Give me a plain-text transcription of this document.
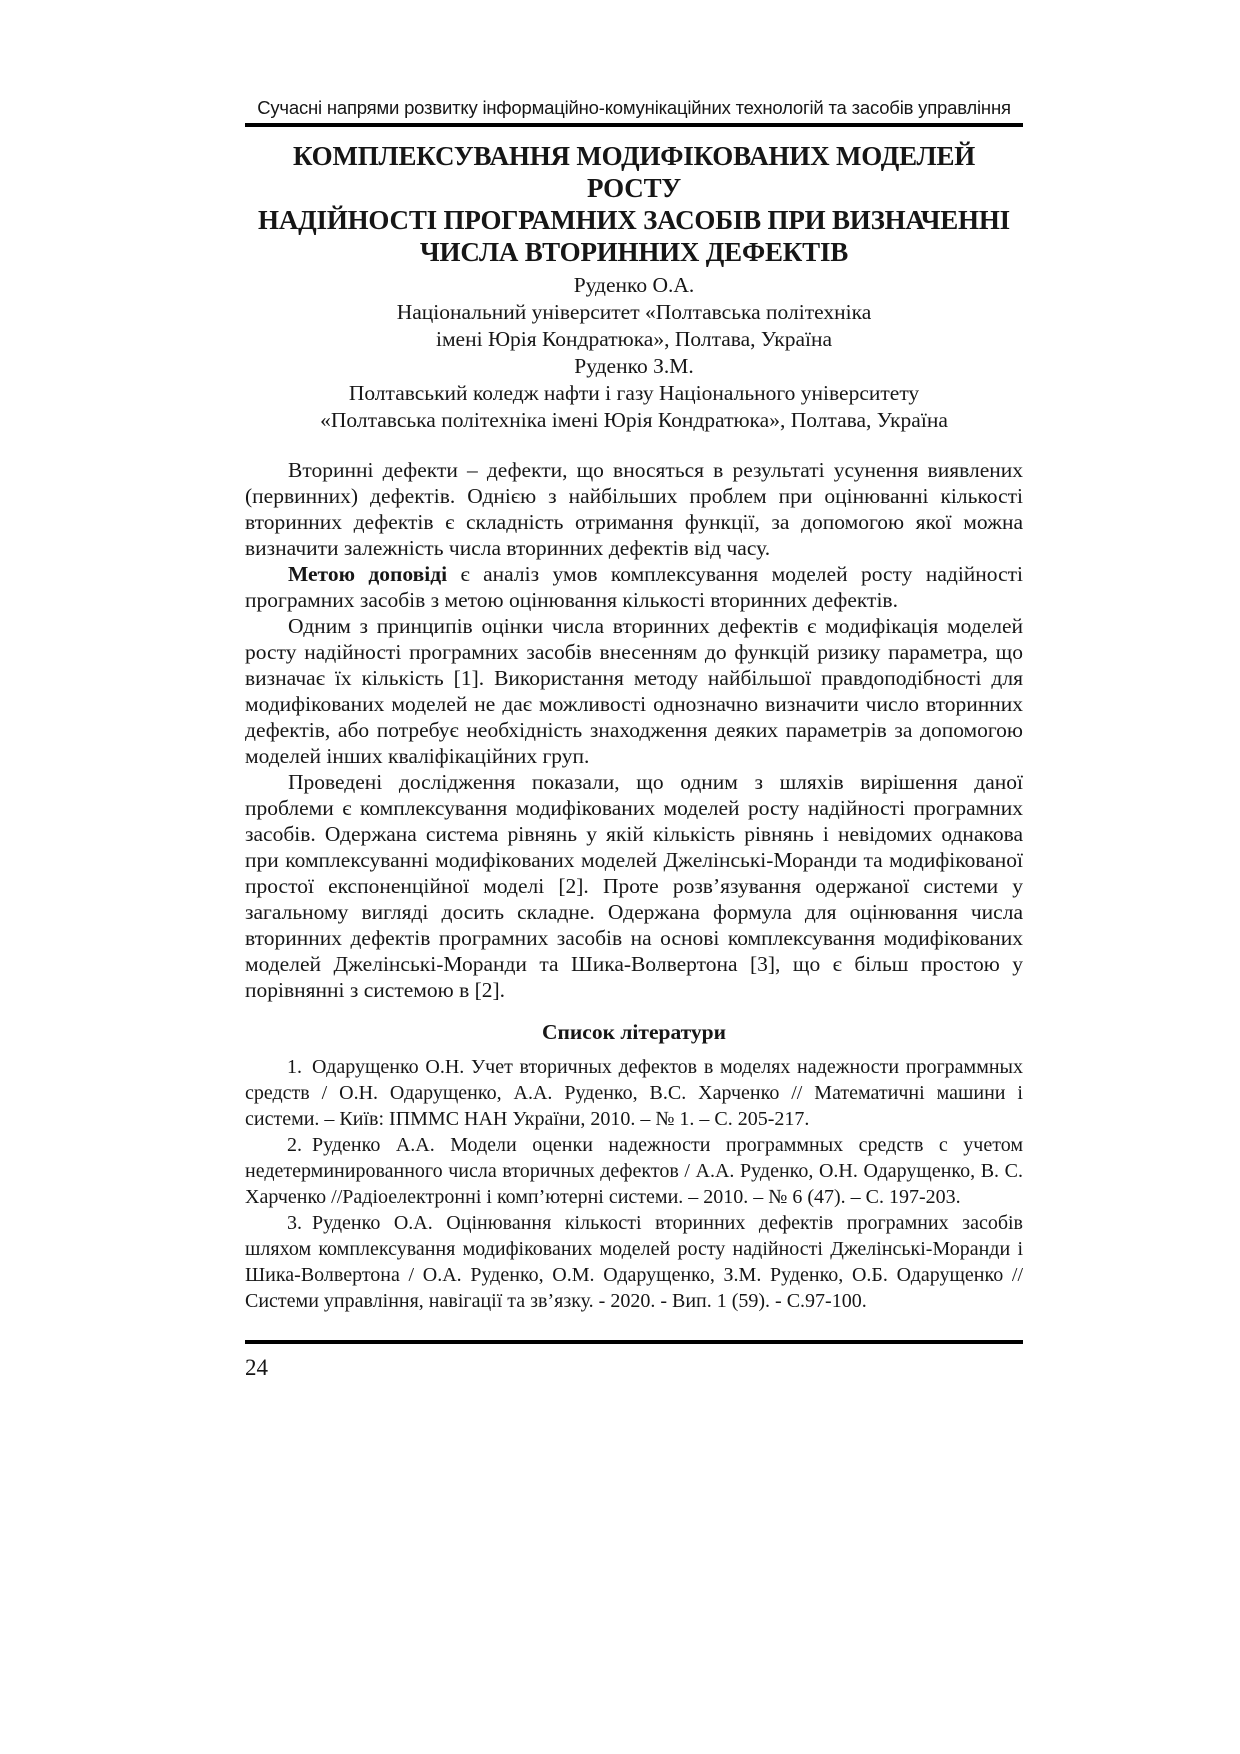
Сучасні напрями розвитку інформаційно-комунікаційних технологій та засобів управління
КОМПЛЕКСУВАННЯ МОДИФІКОВАНИХ МОДЕЛЕЙ РОСТУ
НАДІЙНОСТІ ПРОГРАМНИХ ЗАСОБІВ ПРИ ВИЗНАЧЕННІ
ЧИСЛА ВТОРИННИХ ДЕФЕКТІВ
Руденко О.А.
Національний університет «Полтавська політехніка
імені Юрія Кондратюка», Полтава, Україна
Руденко З.М.
Полтавський коледж нафти і газу Національного університету
«Полтавська політехніка імені Юрія Кондратюка», Полтава, Україна

Вторинні дефекти – дефекти, що вносяться в результаті усунення виявлених (первинних) дефектів. Однією з найбільших проблем при оцінюванні кількості вторинних дефектів є складність отримання функції, за допомогою якої можна визначити залежність числа вторинних дефектів від часу.

Метою доповіді є аналіз умов комплексування моделей росту надійності програмних засобів з метою оцінювання кількості вторинних дефектів.

Одним з принципів оцінки числа вторинних дефектів є модифікація моделей росту надійності програмних засобів внесенням до функцій ризику параметра, що визначає їх кількість [1]. Використання методу найбільшої правдоподібності для модифікованих моделей не дає можливості однозначно визначити число вторинних дефектів, або потребує необхідність знаходження деяких параметрів за допомогою моделей інших кваліфікаційних груп.

Проведені дослідження показали, що одним з шляхів вирішення даної проблеми є комплексування модифікованих моделей росту надійності програмних засобів. Одержана система рівнянь у якій кількість рівнянь і невідомих однакова при комплексуванні модифікованих моделей Джелінські-Моранди та модифікованої простої експоненційної моделі [2]. Проте розв’язування одержаної системи у загальному вигляді досить складне. Одержана формула для оцінювання числа вторинних дефектів програмних засобів на основі комплексування модифікованих моделей Джелінські-Моранди та Шика-Волвертона [3], що є більш простою у порівнянні з системою в [2].

Список літератури

1. Одарущенко О.Н. Учет вторичных дефектов в моделях надежности программных средств / О.Н. Одарущенко, А.А. Руденко, В.С. Харченко // Математичні машини і системи. – Київ: ІПММС НАН України, 2010. – № 1. – С. 205-217.

2. Руденко А.А. Модели оценки надежности программных средств с учетом недетерминированного числа вторичных дефектов / А.А. Руденко, О.Н. Одарущенко, В. С. Харченко //Радіоелектронні і комп’ютерні системи. – 2010. – № 6 (47). – С. 197-203.

3. Руденко О.А. Оцінювання кількості вторинних дефектів програмних засобів шляхом комплексування модифікованих моделей росту надійності Джелінські-Моранди і Шика-Волвертона / О.А. Руденко, О.М. Одарущенко, З.М. Руденко, О.Б. Одарущенко // Системи управління, навігації та зв’язку. - 2020. - Вип. 1 (59). - С.97-100.

24
